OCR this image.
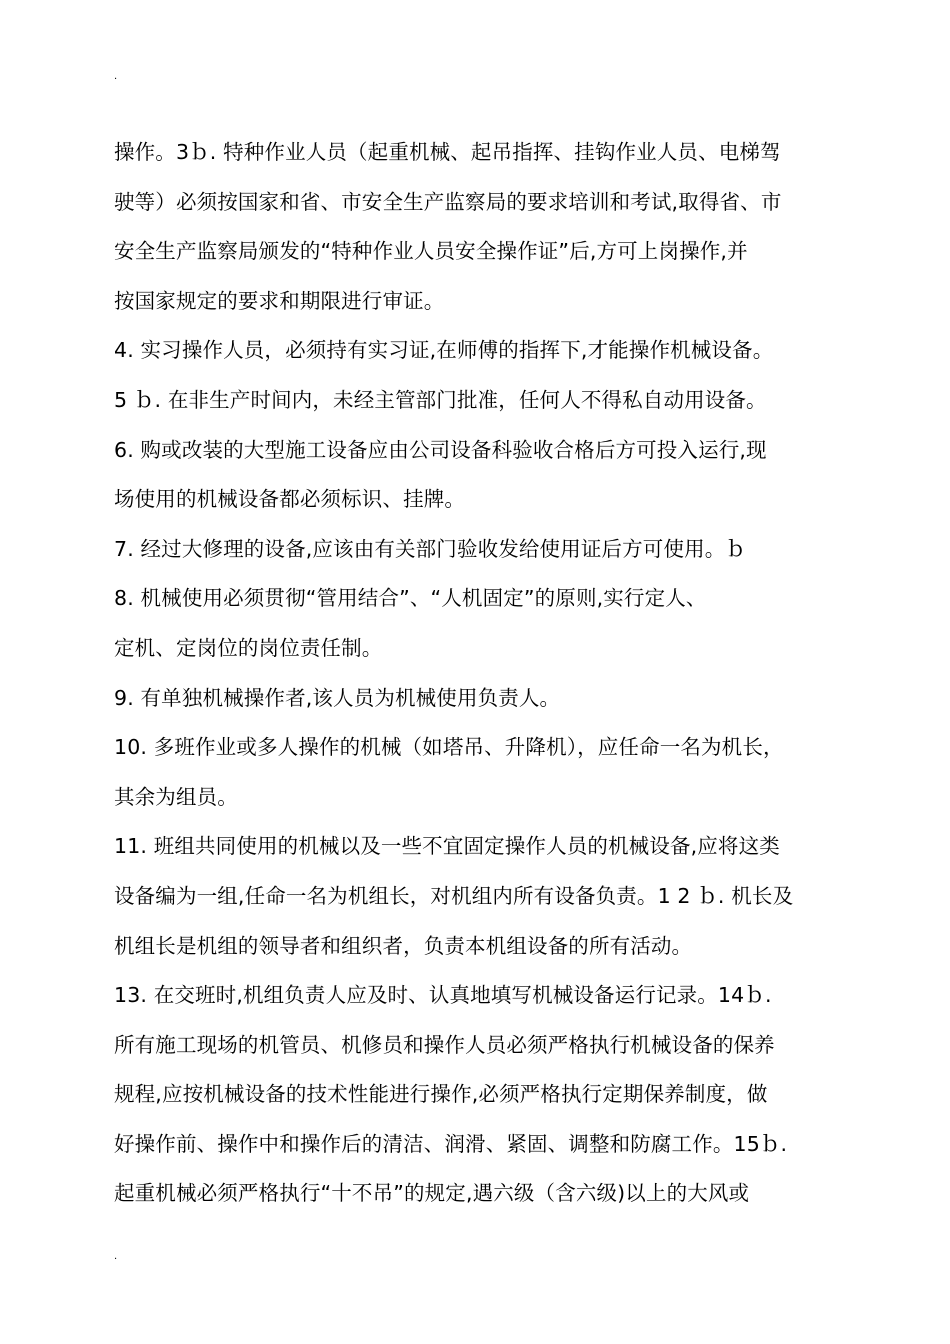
.
操作。3ｂ. 特种作业人员（起重机械、起吊指挥、挂钩作业人员、电梯驾
驶等）必须按国家和省、市安全生产监察局的要求培训和考试,取得省、市
安全生产监察局颁发的“特种作业人员安全操作证”后,方可上岗操作,并
按国家规定的要求和期限进行审证。
4. 实习操作人员，必须持有实习证,在师傅的指挥下,才能操作机械设备。
5 ｂ. 在非生产时间内，未经主管部门批准，任何人不得私自动用设备。
6. 购或改装的大型施工设备应由公司设备科验收合格后方可投入运行,现
场使用的机械设备都必须标识、挂牌。
7. 经过大修理的设备,应该由有关部门验收发给使用证后方可使用。ｂ
8. 机械使用必须贯彻“管用结合”、“人机固定”的原则,实行定人、
定机、定岗位的岗位责任制。
9. 有单独机械操作者,该人员为机械使用负责人。
10. 多班作业或多人操作的机械（如塔吊、升降机），应任命一名为机长，
其余为组员。
11. 班组共同使用的机械以及一些不宜固定操作人员的机械设备,应将这类
设备编为一组,任命一名为机组长，对机组内所有设备负责。1 2 ｂ. 机长及
机组长是机组的领导者和组织者，负责本机组设备的所有活动。
13. 在交班时,机组负责人应及时、认真地填写机械设备运行记录。14ｂ.
所有施工现场的机管员、机修员和操作人员必须严格执行机械设备的保养
规程,应按机械设备的技术性能进行操作,必须严格执行定期保养制度，做
好操作前、操作中和操作后的清洁、润滑、紧固、调整和防腐工作。15ｂ.
起重机械必须严格执行“十不吊”的规定,遇六级（含六级)以上的大风或
.
